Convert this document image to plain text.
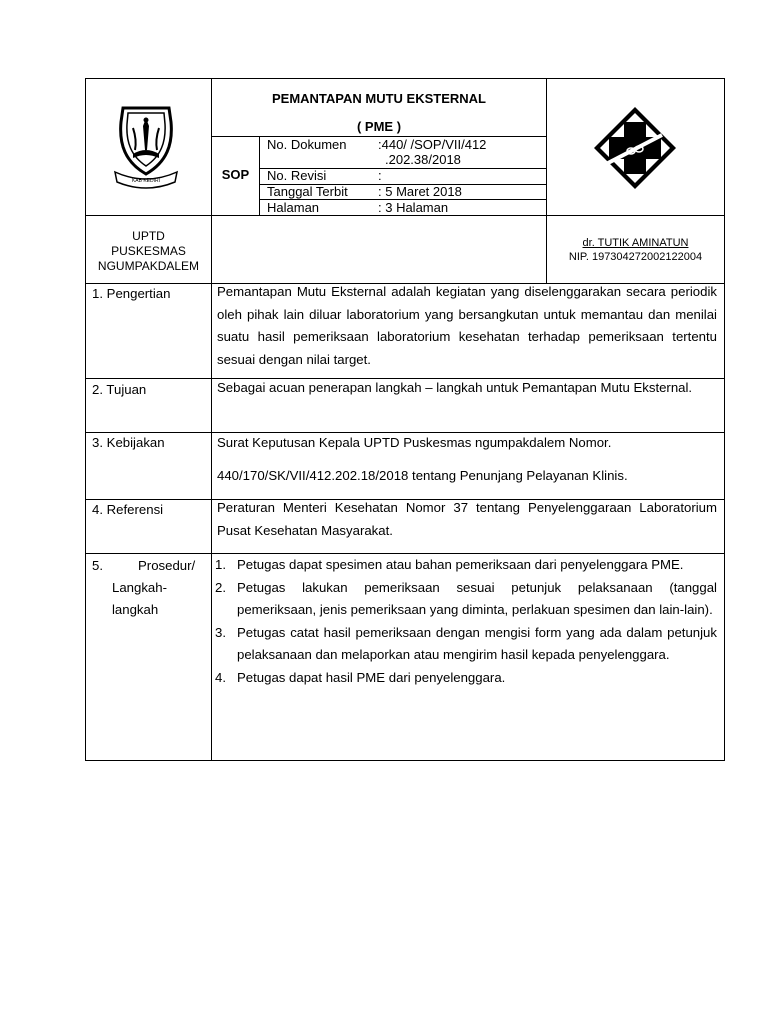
KAB KEDIRI
PEMANTAPAN MUTU EKSTERNAL
( PME )
SOP
No. Dokumen :440/ /SOP/VII/412
.202.38/2018
No. Revisi	:
Tanggal Terbit : 5 Maret 2018
Halaman	: 3 Halaman
UPTD
PUSKESMAS
NGUMPAKDALEM
dr. TUTIK AMINATUN
NIP. 197304272002122004
1. Pengertian	Pemantapan Mutu Eksternal adalah kegiatan yang diselenggarakan secara periodik oleh pihak lain diluar laboratorium yang bersangkutan untuk memantau dan menilai suatu hasil pemeriksaan laboratorium kesehatan terhadap pemeriksaan tertentu sesuai dengan nilai target.
2. Tujuan	Sebagai acuan penerapan langkah – langkah untuk Pemantapan Mutu Eksternal.
3. Kebijakan	Surat Keputusan Kepala UPTD Puskesmas ngumpakdalem Nomor.
440/170/SK/VII/412.202.18/2018 tentang Penunjang Pelayanan Klinis.
4. Referensi	Peraturan Menteri Kesehatan Nomor 37 tentang Penyelenggaraan Laboratorium Pusat Kesehatan Masyarakat.
5.	Prosedur/
Langkah-
langkah
1. Petugas dapat spesimen atau bahan pemeriksaan dari penyelenggara PME.
2. Petugas lakukan pemeriksaan sesuai petunjuk pelaksanaan (tanggal pemeriksaan, jenis pemeriksaan yang diminta, perlakuan spesimen dan lain-lain).
3. Petugas catat hasil pemeriksaan dengan mengisi form yang ada dalam petunjuk pelaksanaan dan melaporkan atau mengirim hasil kepada penyelenggara.
4. Petugas dapat hasil PME dari penyelenggara.
